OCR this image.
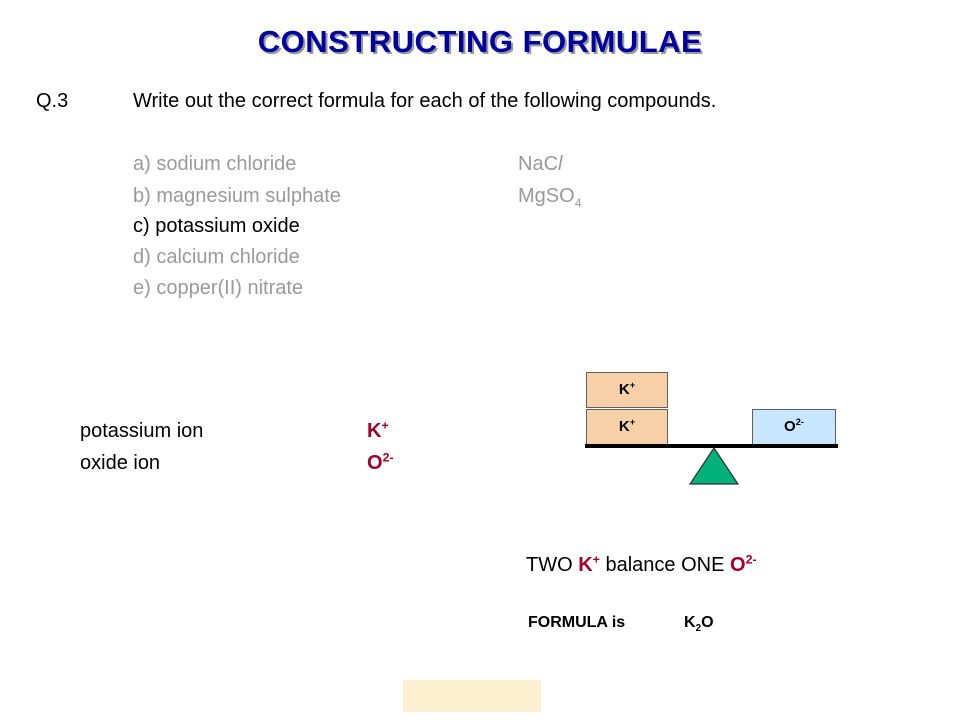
CONSTRUCTING FORMULAE
Q.3	Write out the correct formula for each of the following compounds.
a) sodium chloride	NaCl
b) magnesium sulphate	MgSO$_4$
c) potassium oxide
d) calcium chloride
e) copper(II) nitrate
potassium ion	K+
oxide ion	$O^{2-}$
K+
K+	$O^{2-}$
TWO K+ balance ONE $O^{2-}$
FORMULA is	$K_2O$
